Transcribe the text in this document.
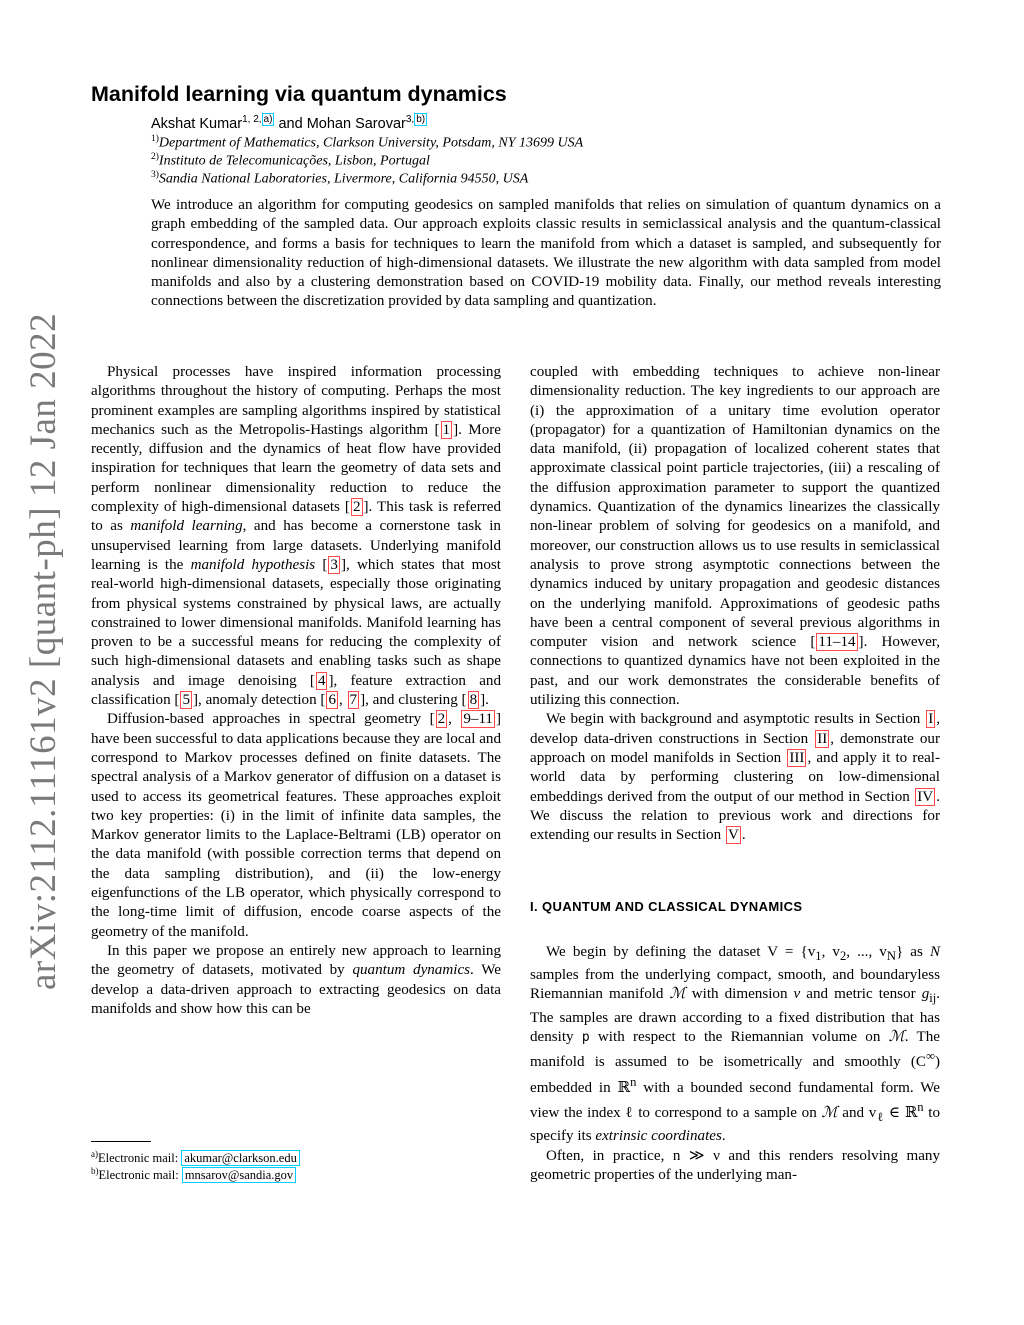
arXiv:2112.11161v2 [quant-ph] 12 Jan 2022
Manifold learning via quantum dynamics
Akshat Kumar$^{1, 2, a)}$ and Mohan Sarovar$^{3, b)}$
$^{1)}$Department of Mathematics, Clarkson University, Potsdam, NY 13699 USA
$^{2)}$Instituto de Telecomunicações, Lisbon, Portugal
$^{3)}$Sandia National Laboratories, Livermore, California 94550, USA

We introduce an algorithm for computing geodesics on sampled manifolds that relies on simulation of quantum dynamics on a graph embedding of the sampled data. Our approach exploits classic results in semiclassical analysis and the quantum-classical correspondence, and forms a basis for techniques to learn the manifold from which a dataset is sampled, and subsequently for nonlinear dimensionality reduction of high-dimensional datasets. We illustrate the new algorithm with data sampled from model manifolds and also by a clustering demonstration based on COVID-19 mobility data. Finally, our method reveals interesting connections between the discretization provided by data sampling and quantization.

Physical processes have inspired information processing algorithms throughout the history of computing. Perhaps the most prominent examples are sampling algorithms inspired by statistical mechanics such as the Metropolis-Hastings algorithm [ 1 ]. More recently, diffusion and the dynamics of heat flow have provided inspiration for techniques that learn the geometry of data sets and perform nonlinear dimensionality reduction to reduce the complexity of high-dimensional datasets [ 2 ]. This task is referred to as manifold learning, and has become a cornerstone task in unsupervised learning from large datasets. Underlying manifold learning is the manifold hypothesis [ 3 ], which states that most real-world high-dimensional datasets, especially those originating from physical systems constrained by physical laws, are actually constrained to lower dimensional manifolds. Manifold learning has proven to be a successful means for reducing the complexity of such high-dimensional datasets and enabling tasks such as shape analysis and image denoising [ 4 ], feature extraction and classification [ 5 ], anomaly detection [ 6 , 7 ], and clustering [ 8 ].

Diffusion-based approaches in spectral geometry [ 2 , 9–11 ] have been successful to data applications because they are local and correspond to Markov processes defined on finite datasets. The spectral analysis of a Markov generator of diffusion on a dataset is used to access its geometrical features. These approaches exploit two key properties: (i) in the limit of infinite data samples, the Markov generator limits to the Laplace-Beltrami (LB) operator on the data manifold (with possible correction terms that depend on the data sampling distribution), and (ii) the low-energy eigenfunctions of the LB operator, which physically correspond to the long-time limit of diffusion, encode coarse aspects of the geometry of the manifold.

In this paper we propose an entirely new approach to learning the geometry of datasets, motivated by quantum dynamics. We develop a data-driven approach to extracting geodesics on data manifolds and show how this can be

coupled with embedding techniques to achieve non-linear dimensionality reduction. The key ingredients to our approach are (i) the approximation of a unitary time evolution operator (propagator) for a quantization of Hamiltonian dynamics on the data manifold, (ii) propagation of localized coherent states that approximate classical point particle trajectories, (iii) a rescaling of the diffusion approximation parameter to support the quantized dynamics. Quantization of the dynamics linearizes the classically non-linear problem of solving for geodesics on a manifold, and moreover, our construction allows us to use results in semiclassical analysis to prove strong asymptotic connections between the dynamics induced by unitary propagation and geodesic distances on the underlying manifold. Approximations of geodesic paths have been a central component of several previous algorithms in computer vision and network science [ 11–14 ]. However, connections to quantized dynamics have not been exploited in the past, and our work demonstrates the considerable benefits of utilizing this connection.

We begin with background and asymptotic results in Section I , develop data-driven constructions in Section II , demonstrate our approach on model manifolds in Section III , and apply it to real-world data by performing clustering on low-dimensional embeddings derived from the output of our method in Section IV . We discuss the relation to previous work and directions for extending our results in Section V .

I. QUANTUM AND CLASSICAL DYNAMICS

We begin by defining the dataset $V = \{v_1$, $v_2$, ..., $v_N$} as N samples from the underlying compact, smooth, and boundaryless Riemannian manifold ℳ with dimension ν and metric tensor $g_{ij}$. The samples are drawn according to a fixed distribution that has density p with respect to the Riemannian volume on ℳ. The manifold is assumed to be isometrically and smoothly (C∞) embedded in ℝ$^n$ with a bounded second fundamental form. We view the index ℓ to correspond to a sample on ℳ and $v_\ell$ ∈ ℝ$^n$ to specify its extrinsic coordinates.

Often, in practice, n ≫ ν and this renders resolving many geometric properties of the underlying man-

$^{a)}$Electronic mail: akumar@clarkson.edu
$^{b)}$Electronic mail: mnsarov@sandia.gov
